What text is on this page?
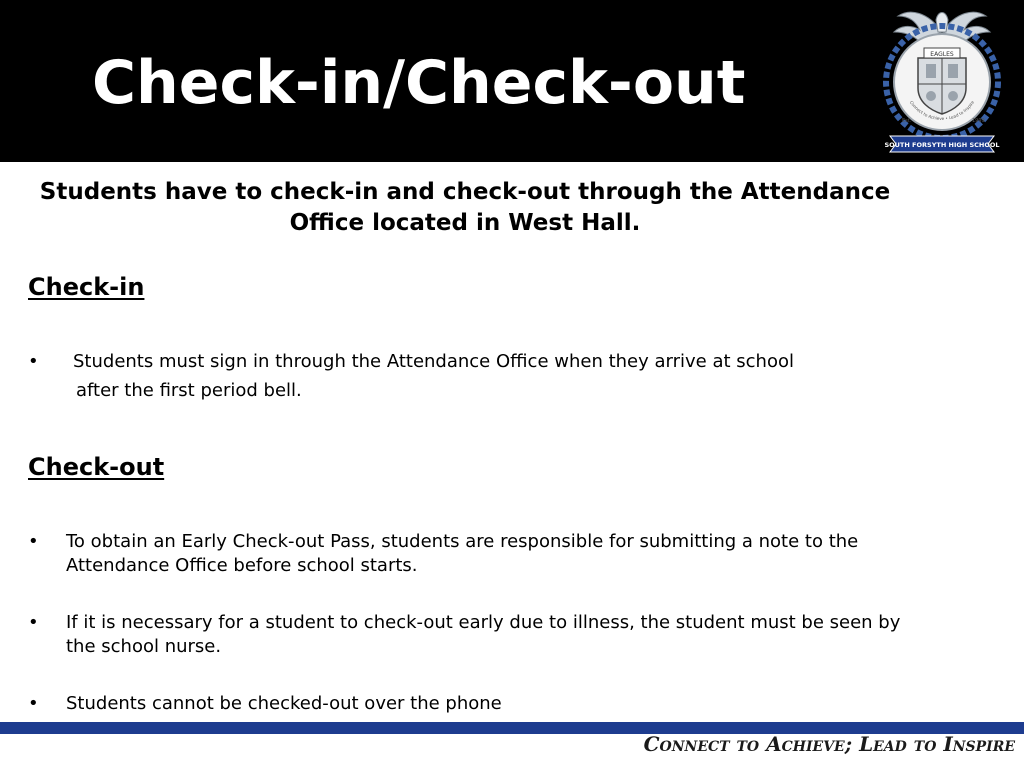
Check-in/Check-out	EAGLES
Connect to Achieve • Lead to Inspire
Est.	1999
SOUTH FORSYTH HIGH SCHOOL

Students have to check-in and check-out through the Attendance Office located in West Hall.

Check-in
• Students must sign in through the Attendance Office when they arrive at school
after the first period bell.
Check-out
• To obtain an Early Check-out Pass, students are responsible for submitting a note to the Attendance Office before school starts.
• If it is necessary for a student to check-out early due to illness, the student must be seen by the school nurse.
• Students cannot be checked-out over the phone

Connect to Achieve; Lead to Inspire
